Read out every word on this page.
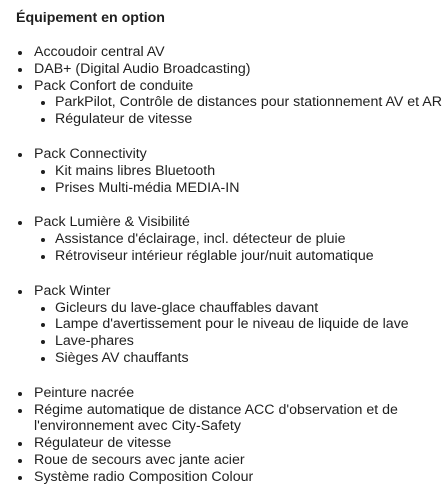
Équipement en option
Accoudoir central AV
DAB+ (Digital Audio Broadcasting)
Pack Confort de conduite
ParkPilot, Contrôle de distances pour stationnement AV et AR
Régulateur de vitesse
Pack Connectivity
Kit mains libres Bluetooth
Prises Multi-média MEDIA-IN
Pack Lumière & Visibilité
Assistance d'éclairage, incl. détecteur de pluie
Rétroviseur intérieur réglable jour/nuit automatique
Pack Winter
Gicleurs du lave-glace chauffables davant
Lampe d'avertissement pour le niveau de liquide de lave
Lave-phares
Sièges AV chauffants
Peinture nacrée
Régime automatique de distance ACC d'observation et de l'environnement avec City-Safety
Régulateur de vitesse
Roue de secours avec jante acier
Système radio Composition Colour
